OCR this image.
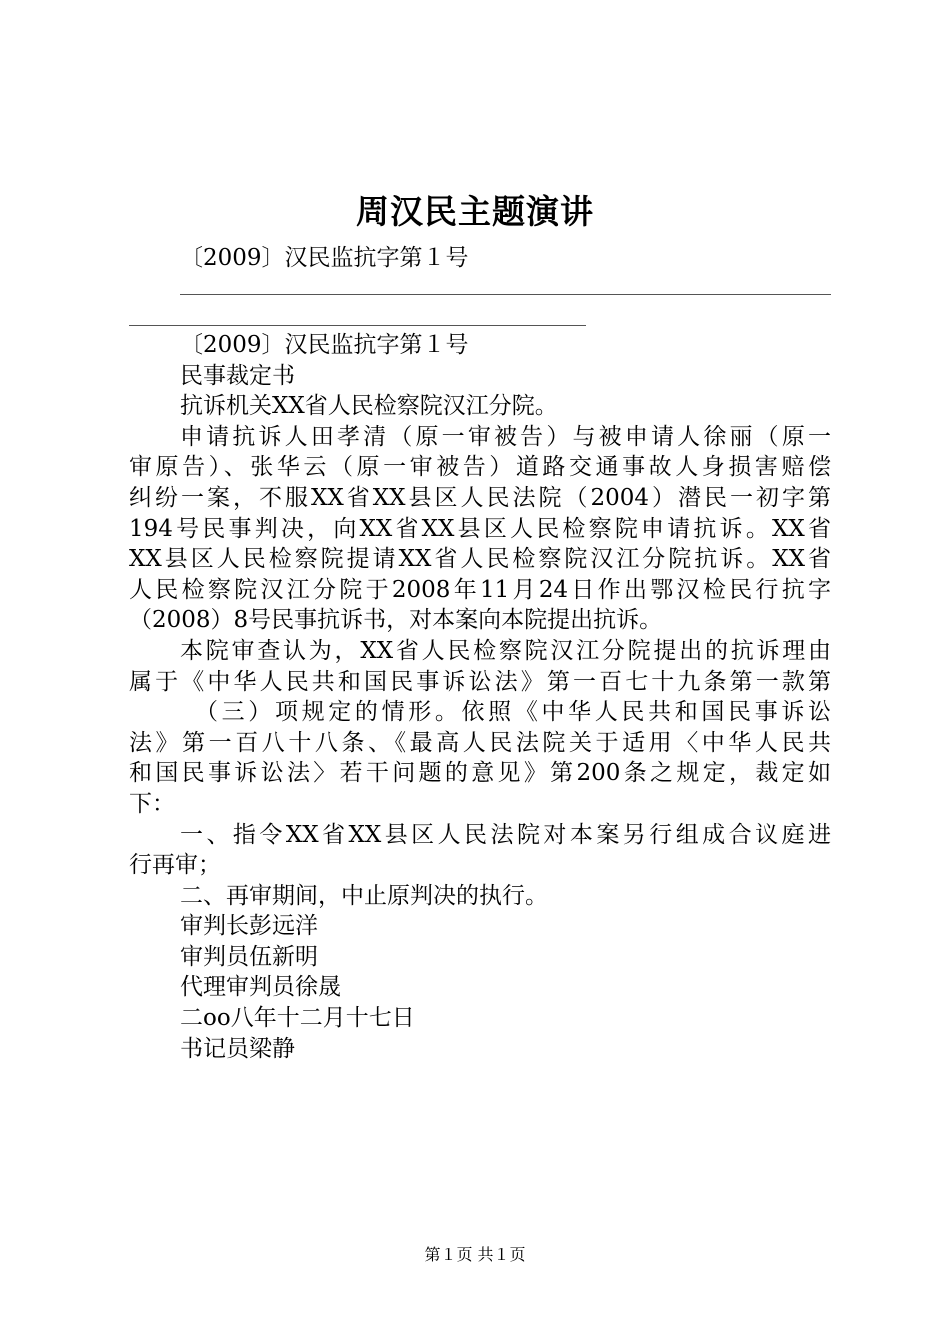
周汉民主题演讲
〔2009〕汉民监抗字第１号
〔2009〕汉民监抗字第１号
民事裁定书
抗诉机关XX省人民检察院汉江分院。
申请抗诉人田孝清（原一审被告）与被申请人徐丽（原一
审原告）、张华云（原一审被告）道路交通事故人身损害赔偿
纠纷一案，不服XX省XX县区人民法院（2004）潜民一初字第
194号民事判决，向XX省XX县区人民检察院申请抗诉。XX省
XX县区人民检察院提请XX省人民检察院汉江分院抗诉。XX省
人民检察院汉江分院于2008年11月24日作出鄂汉检民行抗字
（2008）8号民事抗诉书，对本案向本院提出抗诉。
本院审查认为，XX省人民检察院汉江分院提出的抗诉理由
属于《中华人民共和国民事诉讼法》第一百七十九条第一款第
（三）项规定的情形。依照《中华人民共和国民事诉讼
法》第一百八十八条、《最高人民法院关于适用〈中华人民共
和国民事诉讼法〉若干问题的意见》第200条之规定，裁定如
下：
一、指令XX省XX县区人民法院对本案另行组成合议庭进
行再审；
二、再审期间，中止原判决的执行。
审判长彭远洋
审判员伍新明
代理审判员徐晟
二oo八年十二月十七日
书记员梁静
第１页 共１页
